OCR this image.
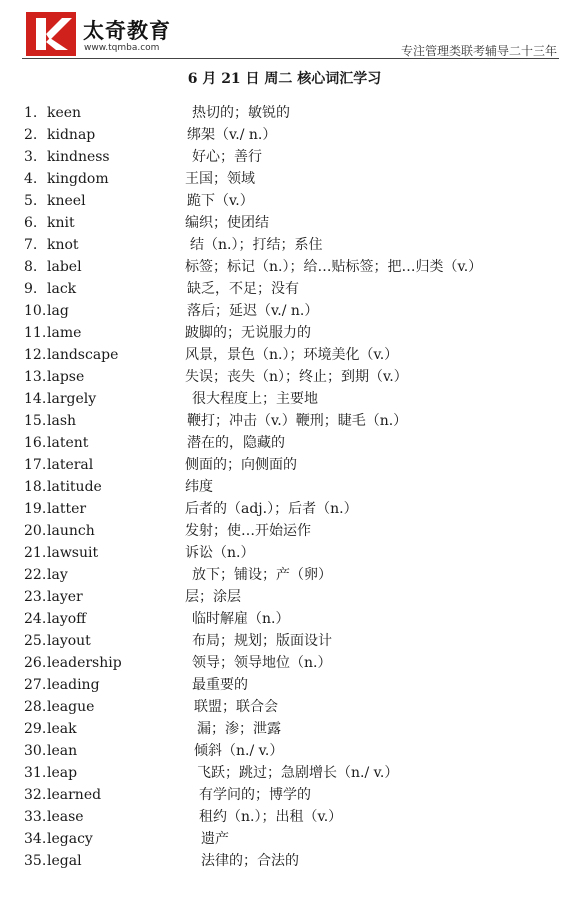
太奇教育
www.tqmba.com	专注管理类联考辅导二十三年
6 月 21 日 周二 核心词汇学习
1. keen	热切的；敏锐的
2. kidnap	绑架（v./ n.）
3. kindness	好心；善行
4. kingdom	王国；领域
5. kneel	跪下（v.）
6. knit	编织；使团结
7. knot	结（n.）；打结；系住
8. label	标签；标记（n.）；给…贴标签；把…归类（v.）
9. lack	缺乏，不足；没有
10. lag	落后；延迟（v./ n.）
11. lame	跛脚的；无说服力的
12. landscape	风景，景色（n.）；环境美化（v.）
13. lapse	失误；丧失（n）；终止；到期（v.）
14. largely	很大程度上；主要地
15. lash	鞭打；冲击（v.）鞭刑；睫毛（n.）
16. latent	潜在的，隐藏的
17. lateral	侧面的；向侧面的
18. latitude	纬度
19. latter	后者的（adj.）；后者（n.）
20. launch	发射；使…开始运作
21. lawsuit	诉讼（n.）
22. lay	放下；铺设；产（卵）
23. layer	层；涂层
24. layoff	临时解雇（n.）
25. layout	布局；规划；版面设计
26. leadership	领导；领导地位（n.）
27. leading	最重要的
28. league	联盟；联合会
29. leak	漏；渗；泄露
30. lean	倾斜（n./ v.）
31. leap	飞跃；跳过；急剧增长（n./ v.）
32. learned	有学问的；博学的
33. lease	租约（n.）；出租（v.）
34. legacy	遗产
35. legal	法律的；合法的
